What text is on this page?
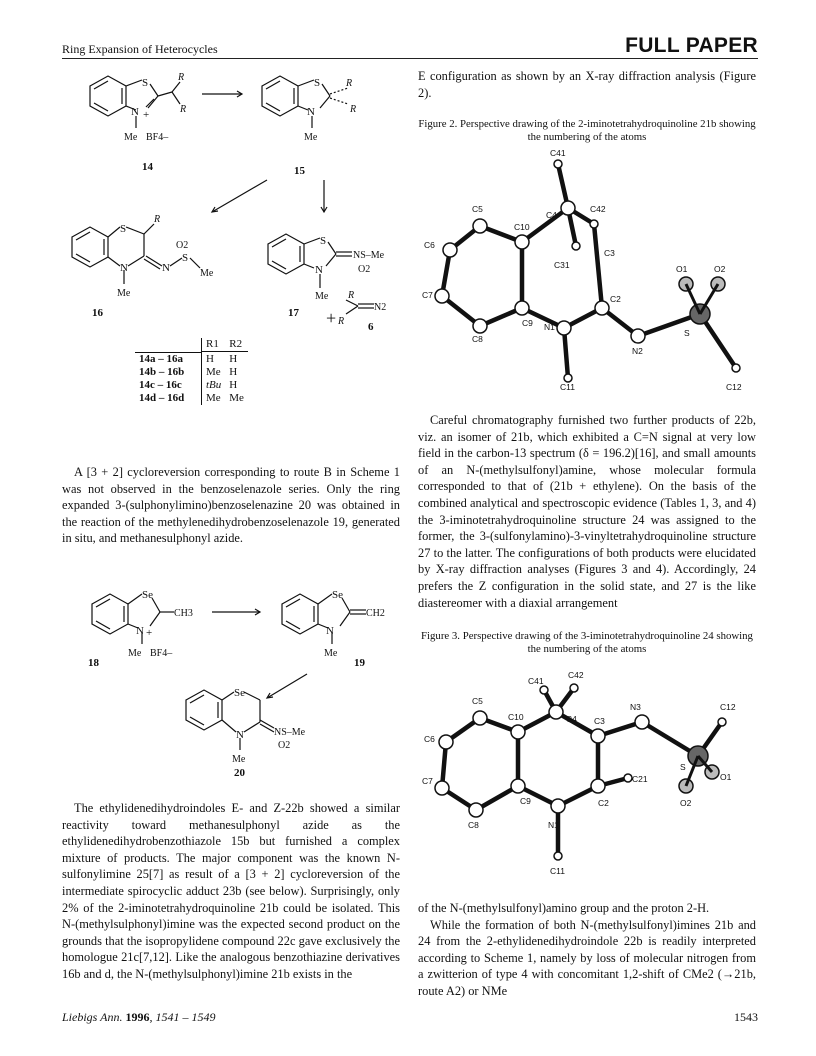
Ring Expansion of Heterocycles	FULL PAPER
S
N +
Me BF4–
R
R
S
N
Me
R
R
S
N	N
S
O2
Me
Me
R
S
N
NS–Me
O2
Me
+
R
R
N2
14	15
16	17
6
	R1	R2
14a – 16a	H	H
14b – 16b	Me	H
14c – 16c	tBu	H
14d – 16d	Me	Me

A [3 + 2] cycloreversion corresponding to route B in Scheme 1 was not observed in the benzoselenazole series. Only the ring expanded 3-(sulphonylimino)benzoselenazine 20 was obtained in the reaction of the methylenedihydrobenzoselenazole 19, generated in situ, and methanesulphonyl azide.

Se
N +
CH3
Me BF4–
Se
N
CH2
Me
Se
N	NS–Me
O2
Me
18	19
20

The ethylidenedihydroindoles E- and Z-22b showed a similar reactivity toward methanesulphonyl azide as the ethylidenedihydrobenzothiazole 15b but furnished a complex mixture of products. The major component was the known N-sulfonylimine 25[7] as result of a [3 + 2] cycloreversion of the intermediate spirocyclic adduct 23b (see below). Surprisingly, only 2% of the 2-iminotetrahydroquinoline 21b could be isolated. This N-(methylsulphonyl)imine was the expected second product on the grounds that the isopropylidene compound 22c gave exclusively the homologue 21c[7,12]. Like the analogous benzothiazine derivatives 16b and d, the N-(methylsulphonyl)imine 21b exists in the

E configuration as shown by an X-ray diffraction analysis (Figure 2).

Figure 2. Perspective drawing of the 2-iminotetrahydroquinoline 21b showing the numbering of the atoms

C41
C5
C4
C42
C10
C6
C3
C31	O1	O2
C7	C2
C9
S
N1
C8
N2
C11	C12

Careful chromatography furnished two further products of 22b, viz. an isomer of 21b, which exhibited a C=N signal at very low field in the carbon-13 spectrum (δ = 196.2)[16], and small amounts of an N-(methylsulfonyl)amine, whose molecular formula corresponded to that of (21b + ethylene). On the basis of the combined analytical and spectroscopic evidence (Tables 1, 3, and 4) the 3-iminotetrahydroquinoline structure 24 was assigned to the former, the 3-(sulfonylamino)-3-vinyltetrahydroquinoline structure 27 to the latter. The configurations of both products were elucidated by X-ray diffraction analyses (Figures 3 and 4). Accordingly, 24 prefers the Z configuration in the solid state, and 27 is the like diastereomer with a diaxial arrangement

Figure 3. Perspective drawing of the 3-iminotetrahydroquinoline 24 showing the numbering of the atoms

C42
C41
C4
C5
C10	C3
N3	C12
C6
S
O1
C7	C21
C2
C9
C8	N1
O2
C11

of the N-(methylsulfonyl)amino group and the proton 2-H.

While the formation of both N-(methylsulfonyl)imines 21b and 24 from the 2-ethylidenedihydroindole 22b is readily interpreted according to Scheme 1, namely by loss of molecular nitrogen from a zwitterion of type 4 with concomitant 1,2-shift of CMe2 (→21b, route A2) or NMe

Liebigs Ann. 1996, 1541 – 1549	1543
